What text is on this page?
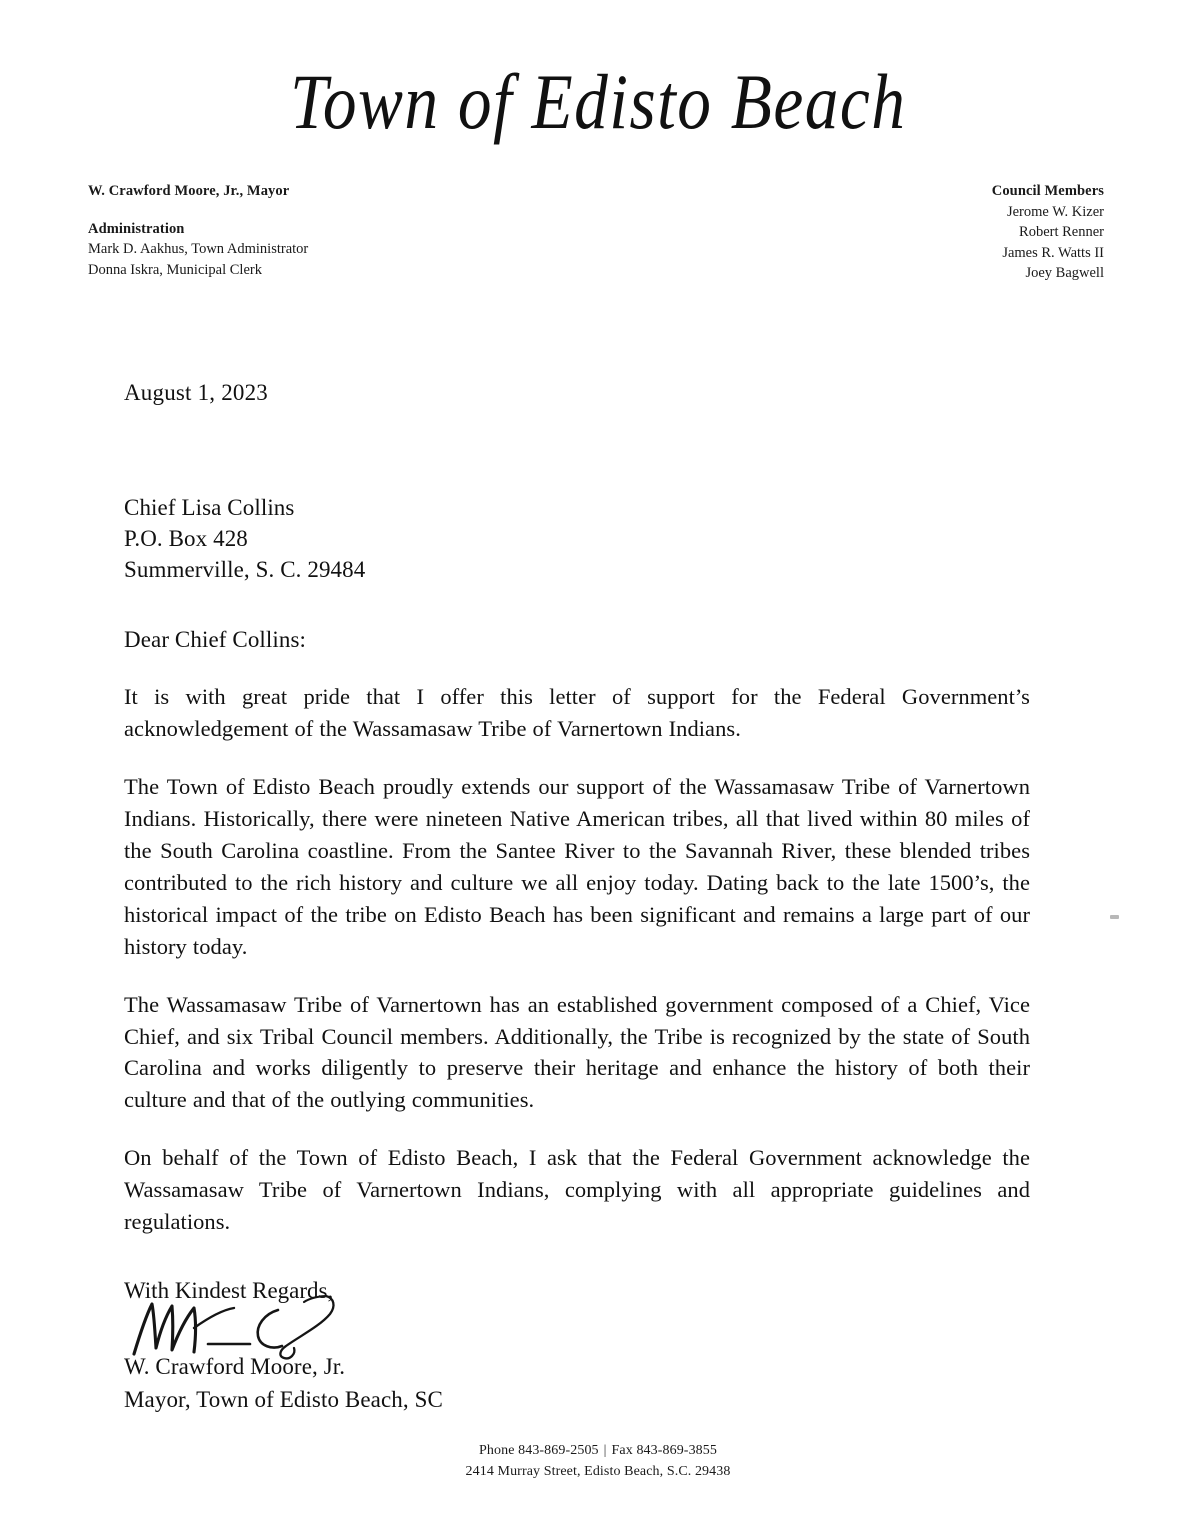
Town of Edisto Beach
W. Crawford Moore, Jr., Mayor
Administration
Mark D. Aakhus, Town Administrator
Donna Iskra, Municipal Clerk
Council Members
Jerome W. Kizer
Robert Renner
James R. Watts II
Joey Bagwell
August 1, 2023
Chief Lisa Collins
P.O. Box 428
Summerville, S. C. 29484
Dear Chief Collins:

It is with great pride that I offer this letter of support for the Federal Government’s acknowledgement of the Wassamasaw Tribe of Varnertown Indians.

The Town of Edisto Beach proudly extends our support of the Wassamasaw Tribe of Varnertown Indians. Historically, there were nineteen Native American tribes, all that lived within 80 miles of the South Carolina coastline. From the Santee River to the Savannah River, these blended tribes contributed to the rich history and culture we all enjoy today. Dating back to the late 1500’s, the historical impact of the tribe on Edisto Beach has been significant and remains a large part of our history today.

The Wassamasaw Tribe of Varnertown has an established government composed of a Chief, Vice Chief, and six Tribal Council members. Additionally, the Tribe is recognized by the state of South Carolina and works diligently to preserve their heritage and enhance the history of both their culture and that of the outlying communities.

On behalf of the Town of Edisto Beach, I ask that the Federal Government acknowledge the Wassamasaw Tribe of Varnertown Indians, complying with all appropriate guidelines and regulations.

With Kindest Regards,
W. Crawford Moore, Jr.
Mayor, Town of Edisto Beach, SC
Phone 843-869-2505 | Fax 843-869-3855
2414 Murray Street, Edisto Beach, S.C. 29438
